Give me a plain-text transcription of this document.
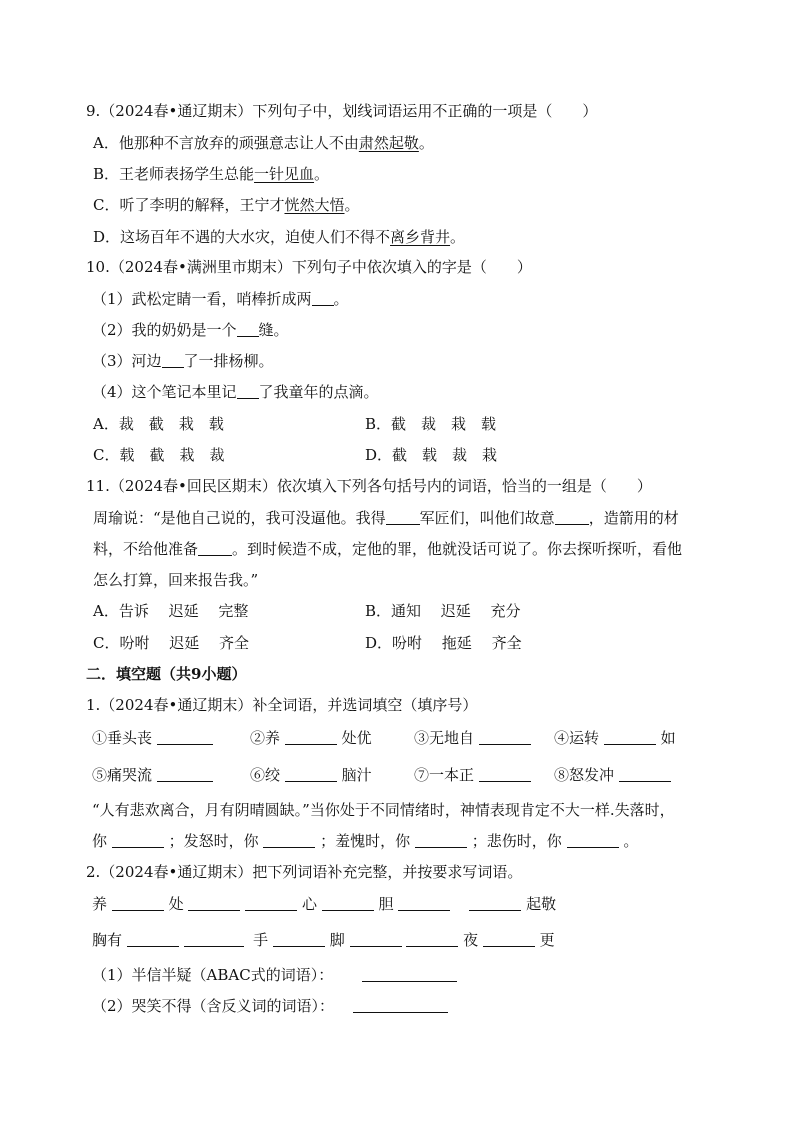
9.（2024春•通辽期末）下列句子中，划线词语运用不正确的一项是（　　）
A．他那种不言放弃的顽强意志让人不由肃然起敬。
B．王老师表扬学生总能一针见血。
C．听了李明的解释，王宁才恍然大悟。
D．这场百年不遇的大水灾，迫使人们不得不离乡背井。
10.（2024春•满洲里市期末）下列句子中依次填入的字是（　　）
（1）武松定睛一看，哨棒折成两 。
（2）我的奶奶是一个 缝。
（3）河边 了一排杨柳。
（4）这个笔记本里记 了我童年的点滴。
A．裁　截　栽　载	B．截　裁　栽　载
C．载　截　栽　裁	D．截　载　裁　栽
11.（2024春•回民区期末）依次填入下列各句括号内的词语，恰当的一组是（　　）
周瑜说：“是他自己说的，我可没逼他。我得 军匠们，叫他们故意 ，造箭用的材
料，不给他准备 。到时候造不成，定他的罪，他就没话可说了。你去探听探听，看他
怎么打算，回来报告我。”
A．告诉　 迟延　 完整	B．通知　 迟延　 充分
C．吩咐　 迟延　 齐全	D．吩咐　 拖延　 齐全
二．填空题（共9小题）
1.（2024春•通辽期末）补全词语，并选词填空（填序号）
①垂头丧	②养	处优	③无地自	④运转	如
⑤痛哭流	⑥绞	脑汁	⑦一本正	⑧怒发冲
“人有悲欢离合，月有阴晴圆缺。”当你处于不同情绪时，神情表现肯定不大一样.失落时，
你	；发怒时，你	；羞愧时，你	；悲伤时，你	。
2.（2024春•通辽期末）把下列词语补充完整，并按要求写词语。
养	处	心	胆	起敬
胸有	手	脚	夜	更
（1）半信半疑（ABAC式的词语）：
（2）哭笑不得（含反义词的词语）：
